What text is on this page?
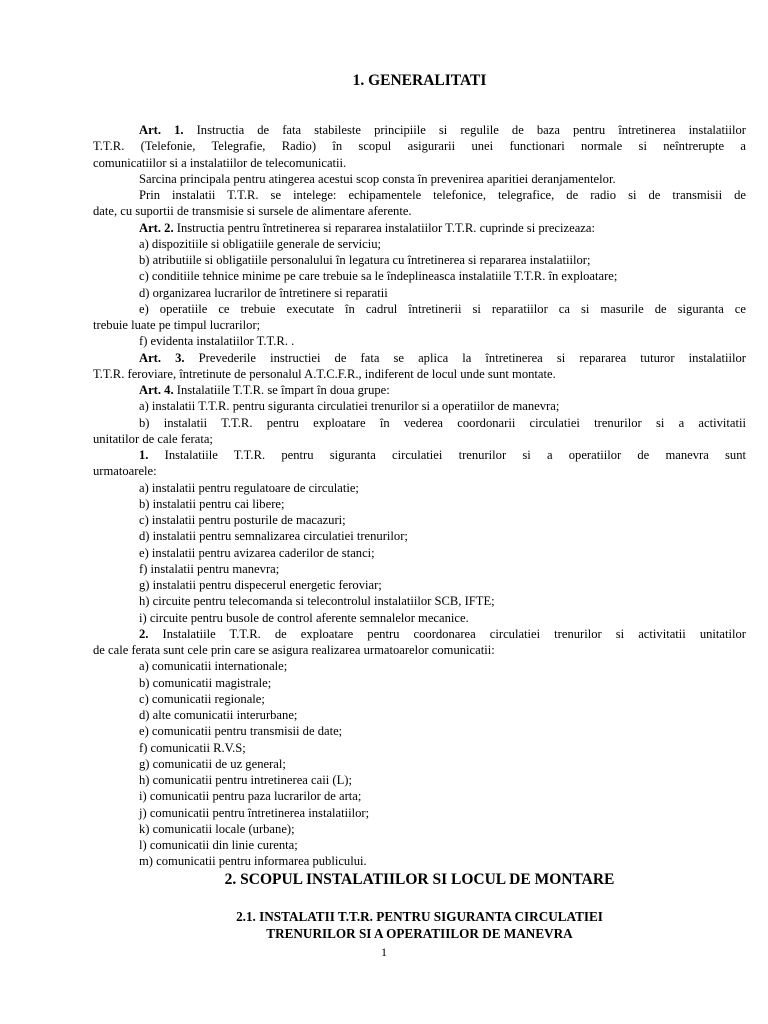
1. GENERALITATI

Art. 1. Instructia de fata stabileste principiile si regulile de baza pentru întretinerea instalatiilor

T.T.R. (Telefonie, Telegrafie, Radio) în scopul asigurarii unei functionari normale si neîntrerupte a

comunicatiilor si a instalatiilor de telecomunicatii.

Sarcina principala pentru atingerea acestui scop consta în prevenirea aparitiei deranjamentelor.

Prin instalatii T.T.R. se intelege: echipamentele telefonice, telegrafice, de radio si de transmisii de

date, cu suportii de transmisie si sursele de alimentare aferente.

Art. 2. Instructia pentru întretinerea si repararea instalatiilor T.T.R. cuprinde si precizeaza:

a) dispozitiile si obligatiile generale de serviciu;

b) atributiile si obligatiile personalului în legatura cu întretinerea si repararea instalatiilor;

c) conditiile tehnice minime pe care trebuie sa le îndeplineasca instalatiile T.T.R. în exploatare;

d) organizarea lucrarilor de întretinere si reparatii

e) operatiile ce trebuie executate în cadrul întretinerii si reparatiilor ca si masurile de siguranta ce

trebuie luate pe timpul lucrarilor;

f) evidenta instalatiilor T.T.R. .

Art. 3. Prevederile instructiei de fata se aplica la întretinerea si repararea tuturor instalatiilor

T.T.R. feroviare, întretinute de personalul A.T.C.F.R., indiferent de locul unde sunt montate.

Art. 4. Instalatiile T.T.R. se împart în doua grupe:

a) instalatii T.T.R. pentru siguranta circulatiei trenurilor si a operatiilor de manevra;

b) instalatii T.T.R. pentru exploatare în vederea coordonarii circulatiei trenurilor si a activitatii

unitatilor de cale ferata;

1. Instalatiile T.T.R. pentru siguranta circulatiei trenurilor si a operatiilor de manevra sunt

urmatoarele:

a) instalatii pentru regulatoare de circulatie;

b) instalatii pentru cai libere;

c) instalatii pentru posturile de macazuri;

d) instalatii pentru semnalizarea circulatiei trenurilor;

e) instalatii pentru avizarea caderilor de stanci;

f) instalatii pentru manevra;

g) instalatii pentru dispecerul energetic feroviar;

h) circuite pentru telecomanda si telecontrolul instalatiilor SCB, IFTE;

i) circuite pentru busole de control aferente semnalelor mecanice.

2. Instalatiile T.T.R. de exploatare pentru coordonarea circulatiei trenurilor si activitatii unitatilor

de cale ferata sunt cele prin care se asigura realizarea urmatoarelor comunicatii:

a) comunicatii internationale;

b) comunicatii magistrale;

c) comunicatii regionale;

d) alte comunicatii interurbane;

e) comunicatii pentru transmisii de date;

f) comunicatii R.V.S;

g) comunicatii de uz general;

h) comunicatii pentru intretinerea caii (L);

i) comunicatii pentru paza lucrarilor de arta;

j) comunicatii pentru întretinerea instalatiilor;

k) comunicatii locale (urbane);

l) comunicatii din linie curenta;

m) comunicatii pentru informarea publicului.

2. SCOPUL INSTALATIILOR SI LOCUL DE MONTARE
2.1. INSTALATII T.T.R. PENTRU SIGURANTA CIRCULATIEI
TRENURILOR SI A OPERATIILOR DE MANEVRA
1
